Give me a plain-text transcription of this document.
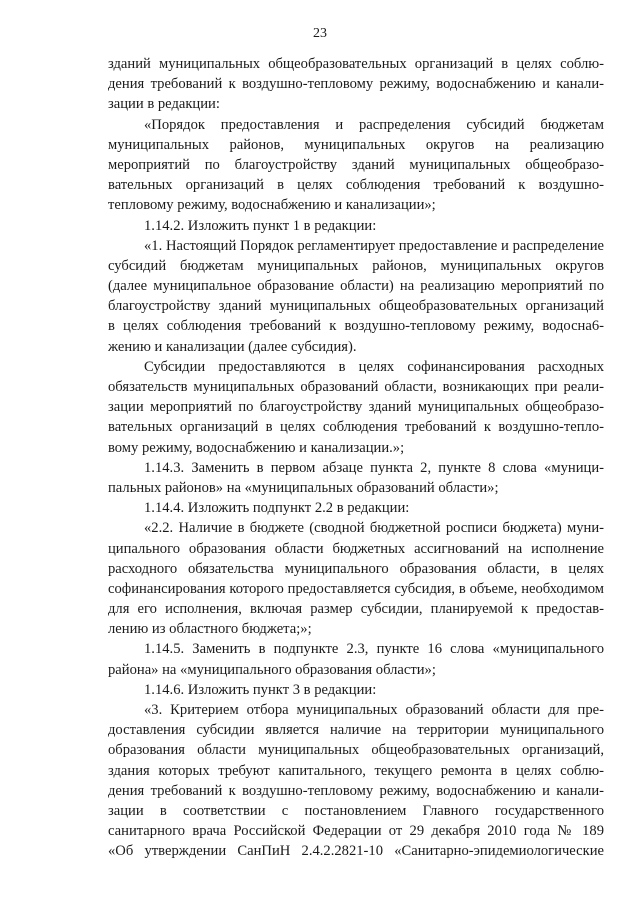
23
зданий муниципальных общеобразовательных организаций в целях соблю-
дения требований к воздушно-тепловому режиму, водоснабжению и канали-
зации в редакции:
«Порядок предоставления и распределения субсидий бюджетам
муниципальных районов, муниципальных округов на реализацию
мероприятий по благоустройству зданий муниципальных общеобразо-
вательных организаций в целях соблюдения требований к воздушно-
тепловому режиму, водоснабжению и канализации»;
1.14.2. Изложить пункт 1 в редакции:
«1. Настоящий Порядок регламентирует предоставление и распределение
субсидий бюджетам муниципальных районов, муниципальных округов
(далее муниципальное образование области) на реализацию мероприятий по
благоустройству зданий муниципальных общеобразовательных организаций
в целях соблюдения требований к воздушно-тепловому режиму, водосна6-
жению и канализации (далее субсидия).
Субсидии предоставляются в целях софинансирования расходных
обязательств муниципальных образований области, возникающих при реали-
зации мероприятий по благоустройству зданий муниципальных общеобразо-
вательных организаций в целях соблюдения требований к воздушно-тепло-
вому режиму, водоснабжению и канализации.»;
1.14.3. Заменить в первом абзаце пункта 2, пункте 8 слова «муници-
пальных районов» на «муниципальных образований области»;
1.14.4. Изложить подпункт 2.2 в редакции:
«2.2. Наличие в бюджете (сводной бюджетной росписи бюджета) муни-
ципального образования области бюджетных ассигнований на исполнение
расходного обязательства муниципального образования области, в целях
софинансирования которого предоставляется субсидия, в объеме, необходимом
для его исполнения, включая размер субсидии, планируемой к предостав-
лению из областного бюджета;»;
1.14.5. Заменить в подпункте 2.3, пункте 16 слова «муниципального
района» на «муниципального образования области»;
1.14.6. Изложить пункт 3 в редакции:
«3. Критерием отбора муниципальных образований области для пре-
доставления субсидии является наличие на территории муниципального
образования области муниципальных общеобразовательных организаций,
здания которых требуют капитального, текущего ремонта в целях соблю-
дения требований к воздушно-тепловому режиму, водоснабжению и канали-
зации в соответствии с постановлением Главного государственного
санитарного врача Российской Федерации от 29 декабря 2010 года № 189
«Об утверждении СанПиН 2.4.2.2821-10 «Санитарно-эпидемиологические
